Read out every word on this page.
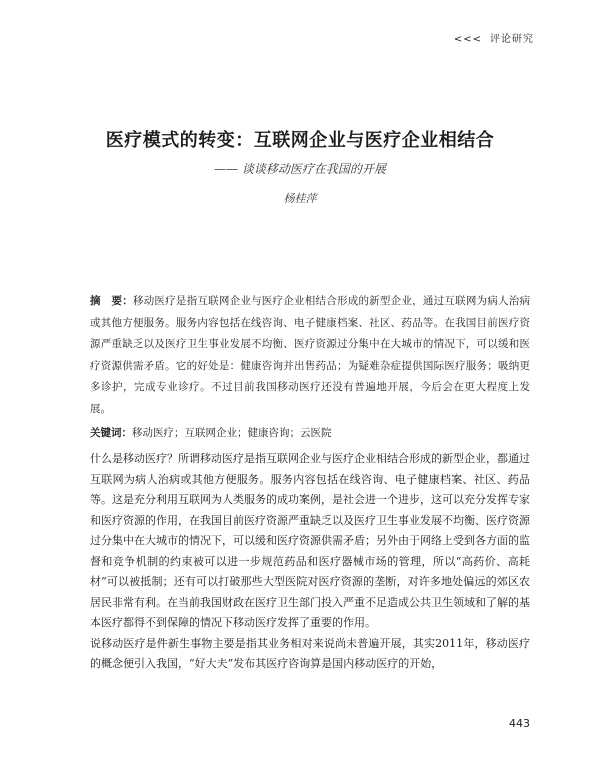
<<< 评论研究
医疗模式的转变：互联网企业与医疗企业相结合
—— 谈谈移动医疗在我国的开展
杨桂萍
摘　要：移动医疗是指互联网企业与医疗企业相结合形成的新型企业，通过互联网为病人治病或其他方便服务。服务内容包括在线咨询、电子健康档案、社区、药品等。在我国目前医疗资源严重缺乏以及医疗卫生事业发展不均衡、医疗资源过分集中在大城市的情况下，可以缓和医疗资源供需矛盾。它的好处是：健康咨询并出售药品；为疑难杂症提供国际医疗服务；吸纳更多诊护，完成专业诊疗。不过目前我国移动医疗还没有普遍地开展，今后会在更大程度上发展。
关键词：移动医疗；互联网企业；健康咨询；云医院

什么是移动医疗？所谓移动医疗是指互联网企业与医疗企业相结合形成的新型企业，都通过互联网为病人治病或其他方便服务。服务内容包括在线咨询、电子健康档案、社区、药品等。这是充分利用互联网为人类服务的成功案例，是社会进一个进步，这可以充分发挥专家和医疗资源的作用，在我国目前医疗资源严重缺乏以及医疗卫生事业发展不均衡、医疗资源过分集中在大城市的情况下，可以缓和医疗资源供需矛盾；另外由于网络上受到各方面的监督和竞争机制的约束被可以进一步规范药品和医疗器械市场的管理，所以“高药价、高耗材”可以被抵制；还有可以打破那些大型医院对医疗资源的垄断，对许多地处偏远的郊区农居民非常有利。在当前我国财政在医疗卫生部门投入严重不足造成公共卫生领域和了解的基本医疗都得不到保障的情况下移动医疗发挥了重要的作用。

说移动医疗是件新生事物主要是指其业务相对来说尚未普遍开展，其实2011年，移动医疗的概念便引入我国，“好大夫”发布其医疗咨询算是国内移动医疗的开始，

443
